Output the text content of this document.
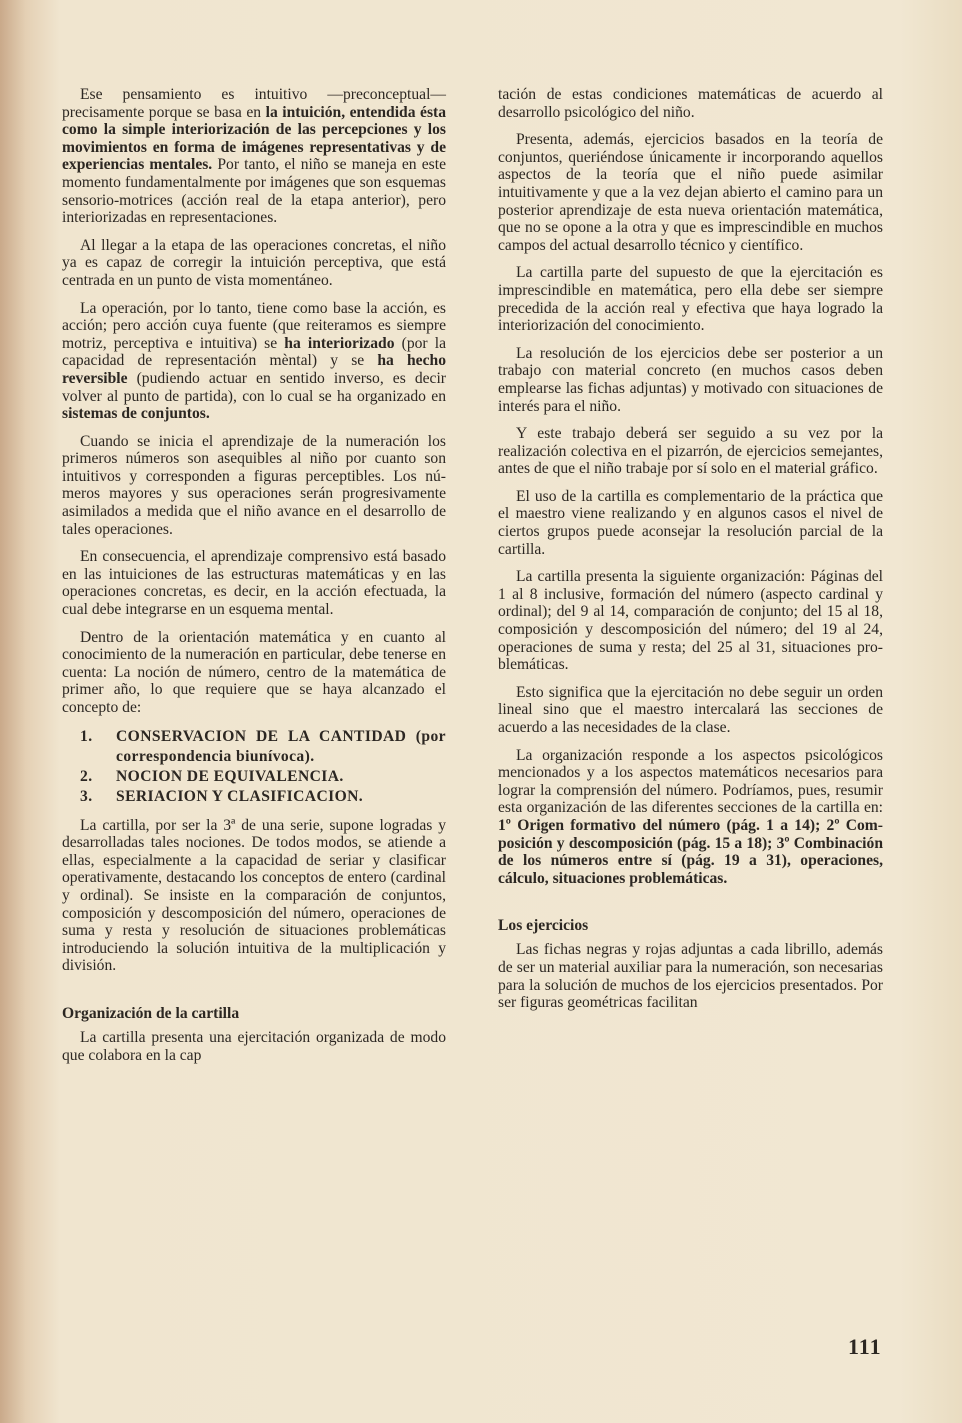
Ese pensamiento es intuitivo —preconceptual— precisamente porque se basa en la intuición, entendida ésta como la simple interiorización de las percepciones y los movimientos en forma de imágenes representativas y de experiencias mentales. Por tanto, el niño se maneja en este momento fundamentalmente por imágenes que son esquemas sensorio-motrices (acción real de la etapa anterior), pero interiorizadas en representaciones.

Al llegar a la etapa de las operaciones concretas, el niño ya es capaz de corregir la intuición perceptiva, que está centrada en un punto de vista momentáneo.

La operación, por lo tanto, tiene como base la acción, es acción; pero acción cuya fuente (que reiteramos es siempre motriz, perceptiva e intuitiva) se ha interiorizado (por la capacidad de representación mèntal) y se ha hecho reversible (pudiendo actuar en sentido inverso, es decir volver al punto de partida), con lo cual se ha organizado en sistemas de conjuntos.

Cuando se inicia el aprendizaje de la numeración los primeros números son asequibles al niño por cuanto son intuitivos y corresponden a figuras perceptibles. Los números mayores y sus operaciones serán progresivamente asimilados a medida que el niño avance en el desarrollo de tales operaciones.

En consecuencia, el aprendizaje comprensivo está basado en las intuiciones de las estructuras matemáticas y en las operaciones concretas, es decir, en la acción efectuada, la cual debe integrarse en un esquema mental.

Dentro de la orientación matemática y en cuanto al conocimiento de la numeración en particular, debe tenerse en cuenta: La noción de número, centro de la matemática de primer año, lo que requiere que se haya alcanzado el concepto de:

1.	CONSERVACION DE LA CANTIDAD (por correspondencia biunívoca).
2.	NOCION DE EQUIVALENCIA.
3.	SERIACION Y CLASIFICACION.

La cartilla, por ser la 3ª de una serie, supone logradas y desarrolladas tales nociones. De todos modos, se atiende a ellas, especialmente a la capacidad de seriar y clasificar operativamente, destacando los conceptos de entero (cardinal y ordinal). Se insiste en la comparación de conjuntos, composición y descomposición del número, operaciones de suma y resta y resolución de situaciones problemáticas introduciendo la solución intuitiva de la multiplicación y división.

Organización de la cartilla

La cartilla presenta una ejercitación organizada de modo que colabora en la cap

tación de estas condiciones matemáticas de acuerdo al desarrollo psicológico del niño.

Presenta, además, ejercicios basados en la teoría de conjuntos, queriéndose únicamente ir incorporando aquellos aspectos de la teoría que el niño puede asimilar intuitivamente y que a la vez dejan abierto el camino para un posterior aprendizaje de esta nueva orientación matemática, que no se opone a la otra y que es imprescindible en muchos campos del actual desarrollo técnico y científico.

La cartilla parte del supuesto de que la ejercitación es imprescindible en matemática, pero ella debe ser siempre precedida de la acción real y efectiva que haya logrado la interiorización del conocimiento.

La resolución de los ejercicios debe ser posterior a un trabajo con material concreto (en muchos casos deben emplearse las fichas adjuntas) y motivado con situaciones de interés para el niño.

Y este trabajo deberá ser seguido a su vez por la realización colectiva en el pizarrón, de ejercicios semejantes, antes de que el niño trabaje por sí solo en el material gráfico.

El uso de la cartilla es complementario de la práctica que el maestro viene realizando y en algunos casos el nivel de ciertos grupos puede aconsejar la resolución parcial de la cartilla.

La cartilla presenta la siguiente organización: Páginas del 1 al 8 inclusive, formación del número (aspecto cardinal y ordinal); del 9 al 14, comparación de conjunto; del 15 al 18, composición y descomposición del número; del 19 al 24, operaciones de suma y resta; del 25 al 31, situaciones problemáticas.

Esto significa que la ejercitación no debe seguir un orden lineal sino que el maestro intercalará las secciones de acuerdo a las necesidades de la clase.

La organización responde a los aspectos psicológicos mencionados y a los aspectos matemáticos necesarios para lograr la comprensión del número. Podríamos, pues, resumir esta organización de las diferentes secciones de la cartilla en: 1º Origen formativo del número (pág. 1 a 14); 2º Composición y descomposición (pág. 15 a 18); 3º Combinación de los números entre sí (pág. 19 a 31), operaciones, cálculo, situaciones problemáticas.

Los ejercicios

Las fichas negras y rojas adjuntas a cada librillo, además de ser un material auxiliar para la numeración, son necesarias para la solución de muchos de los ejercicios presentados. Por ser figuras geométricas facilitan

111
